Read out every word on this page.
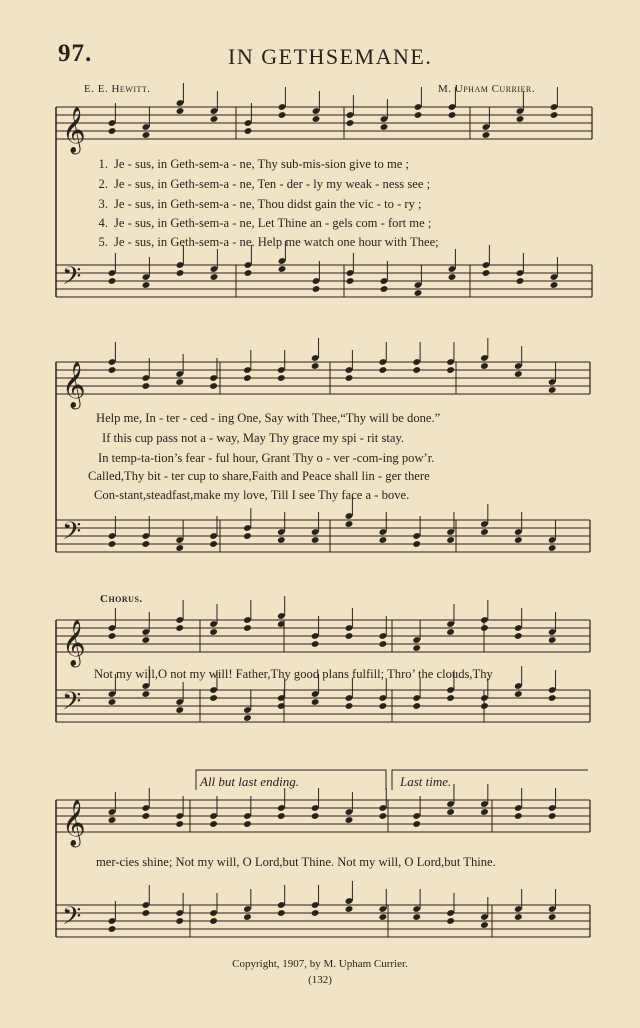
97.	IN GETHSEMANE.
E. E. Hewitt.	M. Upham Currier.
𝄞
𝄢
𝄞
𝄢
𝄞
𝄢
𝄞
𝄢
1. Je - sus, in Geth-sem-a - ne, Thy sub-mis-sion give to me ;
2. Je - sus, in Geth-sem-a - ne, Ten - der - ly my weak - ness see ;
3. Je - sus, in Geth-sem-a - ne, Thou didst gain the vic - to - ry ;
4. Je - sus, in Geth-sem-a - ne, Let Thine an - gels com - fort me ;
5. Je - sus, in Geth-sem-a - ne. Help me watch one hour with Thee;
Help me, In - ter - ced - ing One, Say with Thee,“Thy will be done.”
If this cup pass not a - way, May Thy grace my spi - rit stay.
In temp-ta-tion’s fear - ful hour, Grant Thy o - ver -com-ing pow’r.
Called,Thy bit - ter cup to share,Faith and Peace shall lin - ger there
Con-stant,steadfast,make my love, Till I see Thy face a - bove.
Chorus.
Not my will,O not my will! Father,Thy good plans fulfill; Thro’ the clouds,Thy
All but last ending.	Last time.
mer-cies shine; Not my will, O Lord,but Thine. Not my will, O Lord,but Thine.
Copyright, 1907, by M. Upham Currier.
(132)
